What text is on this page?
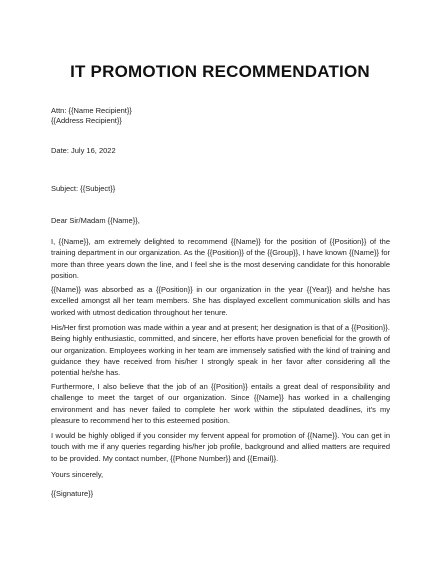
IT PROMOTION RECOMMENDATION
Attn: {{Name Recipient}}
{{Address Recipient}}
Date: July 16, 2022
Subject: {{Subject}}
Dear Sir/Madam {{Name}},
I, {{Name}}, am extremely delighted to recommend {{Name}} for the position of {{Position}} of the training department in our organization. As the {{Position}} of the {{Group}}, I have known {{Name}} for more than three years down the line, and I feel she is the most deserving candidate for this honorable position.
{{Name}} was absorbed as a {{Position}} in our organization in the year {{Year}} and he/she has excelled amongst all her team members. She has displayed excellent communication skills and has worked with utmost dedication throughout her tenure.
His/Her first promotion was made within a year and at present; her designation is that of a {{Position}}. Being highly enthusiastic, committed, and sincere, her efforts have proven beneficial for the growth of our organization. Employees working in her team are immensely satisfied with the kind of training and guidance they have received from his/her I strongly speak in her favor after considering all the potential he/she has.
Furthermore, I also believe that the job of an {{Position}} entails a great deal of responsibility and challenge to meet the target of our organization. Since {{Name}} has worked in a challenging environment and has never failed to complete her work within the stipulated deadlines, it's my pleasure to recommend her to this esteemed position.
I would be highly obliged if you consider my fervent appeal for promotion of {{Name}}. You can get in touch with me if any queries regarding his/her job profile, background and allied matters are required to be provided. My contact number, {{Phone Number}} and {{Email}}.
Yours sincerely,
{{Signature}}
